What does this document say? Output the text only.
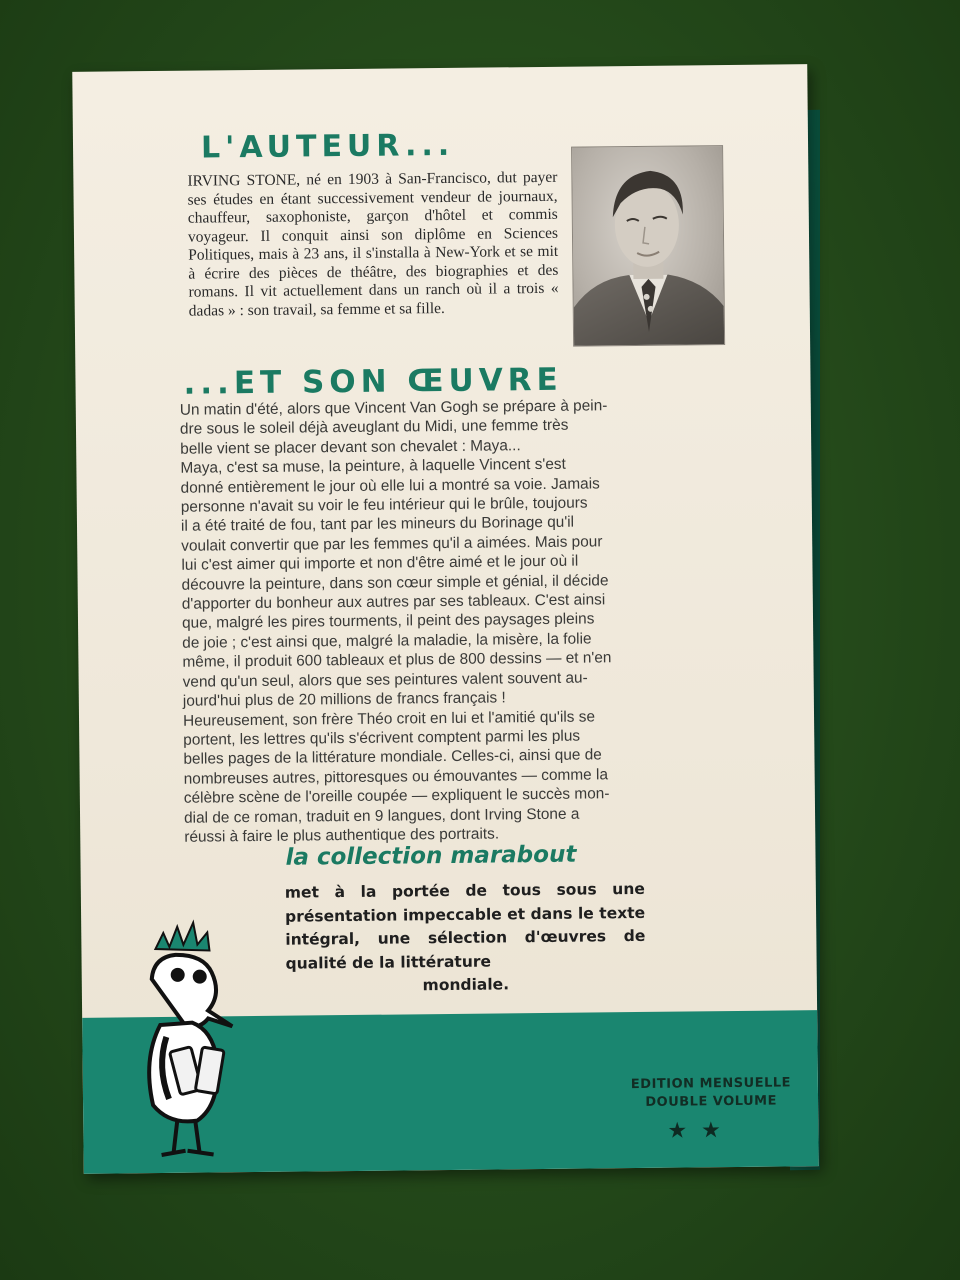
L'AUTEUR...

IRVING STONE, né en 1903 à San-Francisco, dut payer ses études en étant successivement vendeur de journaux, chauffeur, saxophoniste, garçon d'hôtel et commis voyageur. Il conquit ainsi son diplôme en Sciences Politiques, mais à 23 ans, il s'installa à New-York et se mit à écrire des pièces de théâtre, des biographies et des romans. Il vit actuellement dans un ranch où il a trois « dadas » : son travail, sa femme et sa fille.

...ET SON ŒUVRE
Un matin d'été, alors que Vincent Van Gogh se prépare à pein-
dre sous le soleil déjà aveuglant du Midi, une femme très
belle vient se placer devant son chevalet : Maya...
Maya, c'est sa muse, la peinture, à laquelle Vincent s'est
donné entièrement le jour où elle lui a montré sa voie. Jamais
personne n'avait su voir le feu intérieur qui le brûle, toujours
il a été traité de fou, tant par les mineurs du Borinage qu'il
voulait convertir que par les femmes qu'il a aimées. Mais pour
lui c'est aimer qui importe et non d'être aimé et le jour où il
découvre la peinture, dans son cœur simple et génial, il décide
d'apporter du bonheur aux autres par ses tableaux. C'est ainsi
que, malgré les pires tourments, il peint des paysages pleins
de joie ; c'est ainsi que, malgré la maladie, la misère, la folie
même, il produit 600 tableaux et plus de 800 dessins — et n'en
vend qu'un seul, alors que ses peintures valent souvent au-
jourd'hui plus de 20 millions de francs français !
Heureusement, son frère Théo croit en lui et l'amitié qu'ils se
portent, les lettres qu'ils s'écrivent comptent parmi les plus
belles pages de la littérature mondiale. Celles-ci, ainsi que de
nombreuses autres, pittoresques ou émouvantes — comme la
célèbre scène de l'oreille coupée — expliquent le succès mon-
dial de ce roman, traduit en 9 langues, dont Irving Stone a
réussi à faire le plus authentique des portraits.
la collection marabout

met à la portée de tous sous une présentation impeccable et dans le texte intégral, une sélection d'œuvres de qualité de la littérature
mondiale.

EDITION MENSUELLE
DOUBLE VOLUME

★★
